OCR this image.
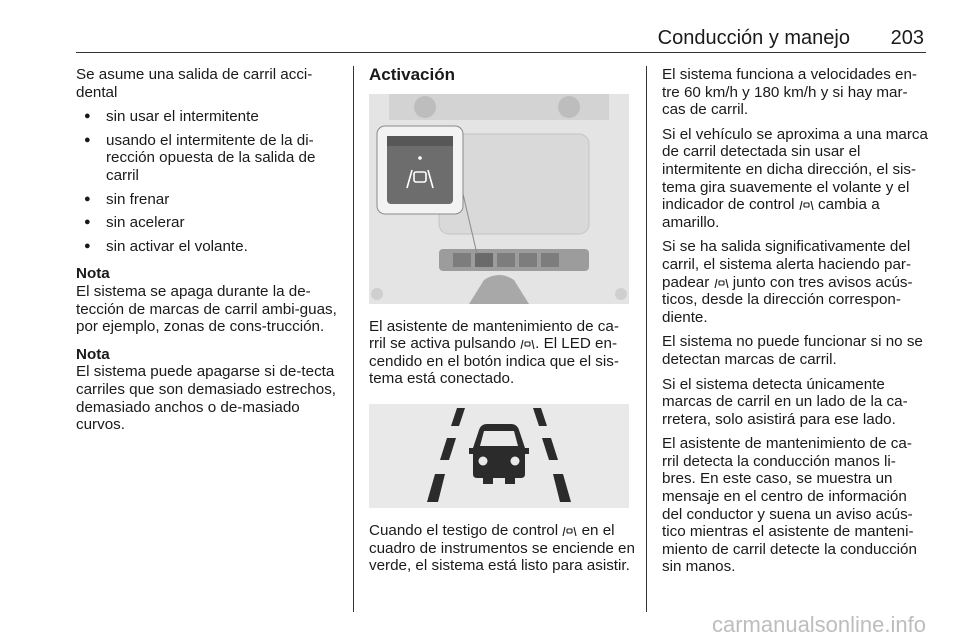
Conducción y manejo 203

Se asume una salida de carril acci-dental

● sin usar el intermitente
● usando el intermitente de la di-rección opuesta de la salida de carril
● sin frenar
● sin acelerar
● sin activar el volante.
Nota

El sistema se apaga durante la de-tección de marcas de carril ambi-guas, por ejemplo, zonas de cons-trucción.

Nota

El sistema puede apagarse si de-tecta carriles que son demasiado estrechos, demasiado anchos o de-masiado curvos.

Activación

El asistente de mantenimiento de ca-rril se activa pulsando . El LED en-cendido en el botón indica que el sis-tema está conectado.

Cuando el testigo de control en el cuadro de instrumentos se enciende en verde, el sistema está listo para asistir.

El sistema funciona a velocidades en-tre 60 km/h y 180 km/h y si hay mar-cas de carril.

Si el vehículo se aproxima a una marca de carril detectada sin usar el intermitente en dicha dirección, el sis-tema gira suavemente el volante y el indicador de control cambia a amarillo.

Si se ha salida significativamente del carril, el sistema alerta haciendo par-padear junto con tres avisos acús-ticos, desde la dirección correspon-diente.

El sistema no puede funcionar si no se detectan marcas de carril.

Si el sistema detecta únicamente marcas de carril en un lado de la ca-rretera, solo asistirá para ese lado.

El asistente de mantenimiento de ca-rril detecta la conducción manos li-bres. En este caso, se muestra un mensaje en el centro de información del conductor y suena un aviso acús-tico mientras el asistente de manteni-miento de carril detecte la conducción sin manos.

carmanualsonline.info
